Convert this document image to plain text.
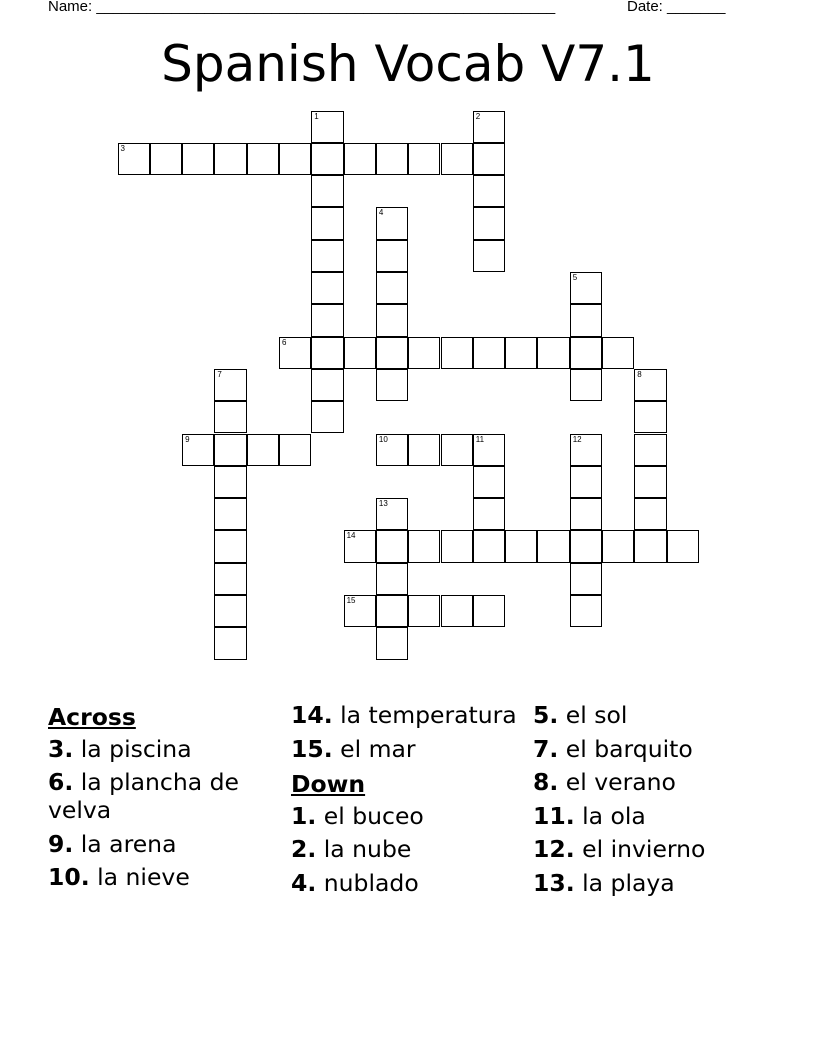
Name: _______________________________________________________	Date: _______
Spanish Vocab V7.1
3
6
9	10	11
14
15
1	2
4
5
7	8
12
13
Across
3. la piscina
6. la plancha de velva
9. la arena
10. la nieve
14. la temperatura
15. el mar
Down
1. el buceo
2. la nube
4. nublado
5. el sol
7. el barquito
8. el verano
11. la ola
12. el invierno
13. la playa
